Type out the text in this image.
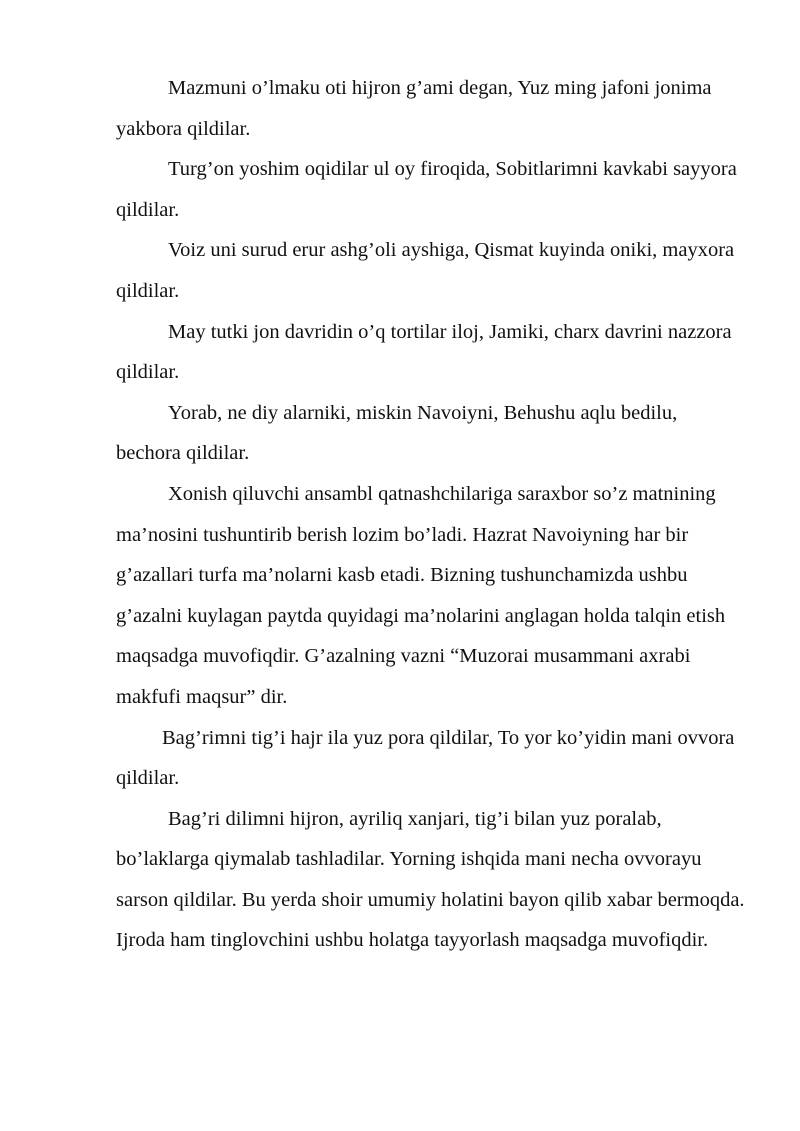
Mazmuni o’lmaku oti hijron g’ami degan, Yuz ming jafoni jonima yakbora qildilar.

Turg’on yoshim oqidilar ul oy firoqida, Sobitlarimni kavkabi sayyora qildilar.

Voiz uni surud erur ashg’oli ayshiga, Qismat kuyinda oniki, mayxora qildilar.

May tutki jon davridin o’q tortilar iloj, Jamiki, charx davrini nazzora qildilar.

Yorab, ne diy alarniki, miskin Navoiyni, Behushu aqlu bedilu, bechora qildilar.

Xonish qiluvchi ansambl qatnashchilariga saraxbor so’z matnining ma’nosini tushuntirib berish lozim bo’ladi. Hazrat Navoiyning har bir g’azallari turfa ma’nolarni kasb etadi. Bizning tushunchamizda ushbu g’azalni kuylagan paytda quyidagi ma’nolarini anglagan holda talqin etish maqsadga muvofiqdir. G’azalning vazni “Muzorai musammani axrabi makfufi maqsur” dir.

Bag’rimni tig’i hajr ila yuz pora qildilar, To yor ko’yidin mani ovvora qildilar.

Bag’ri dilimni hijron, ayriliq xanjari, tig’i bilan yuz poralab, bo’laklarga qiymalab tashladilar. Yorning ishqida mani necha ovvorayu sarson qildilar. Bu yerda shoir umumiy holatini bayon qilib xabar bermoqda. Ijroda ham tinglovchini ushbu holatga tayyorlash maqsadga muvofiqdir.
